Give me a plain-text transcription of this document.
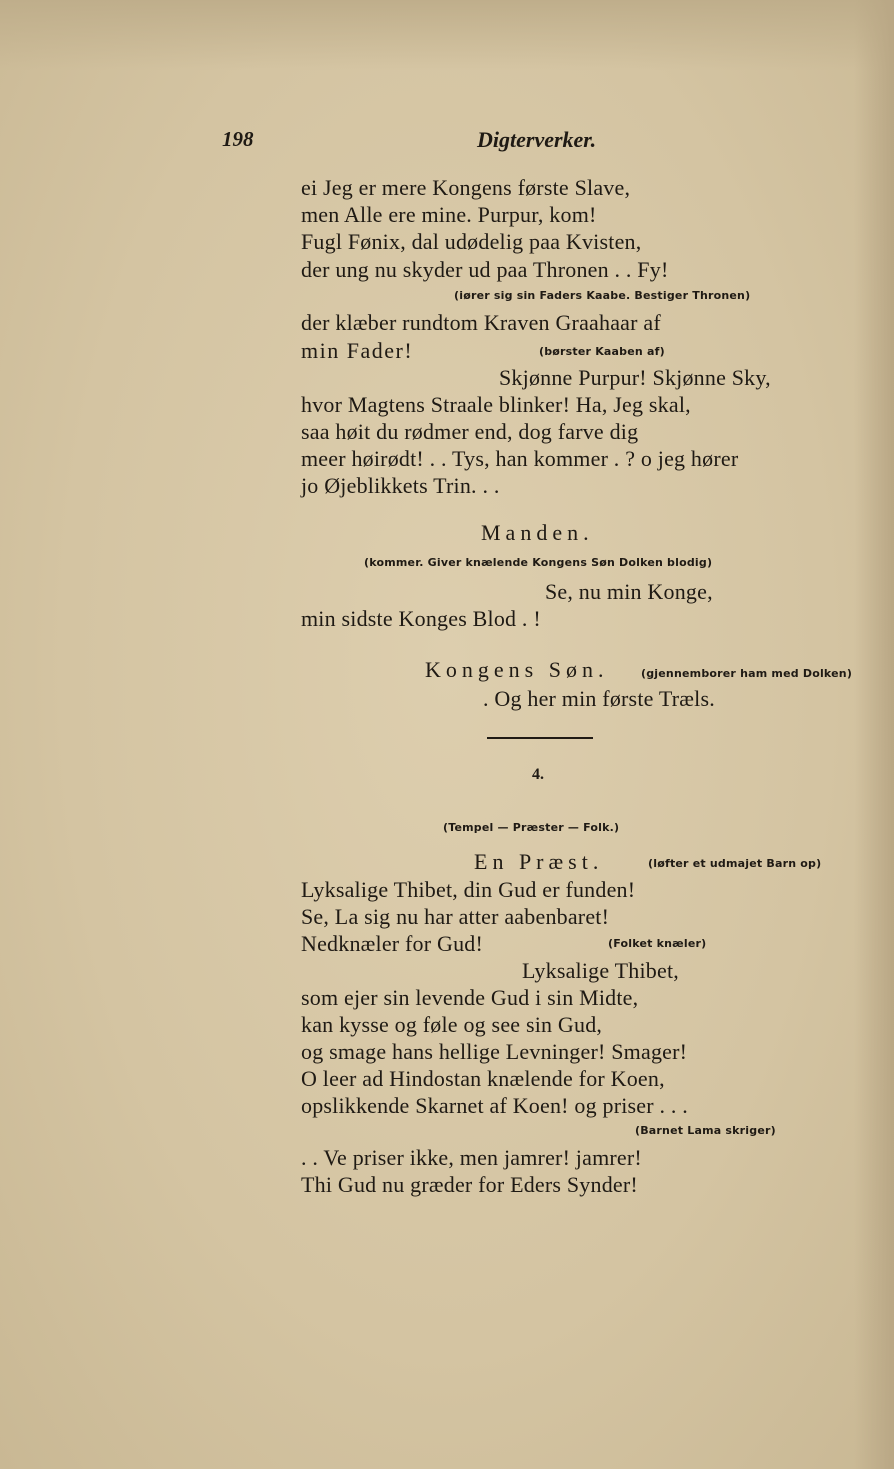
198	Digterverker.
ei Jeg er mere Kongens første Slave,
men Alle ere mine. Purpur, kom!
Fugl Fønix, dal udødelig paa Kvisten,
der ung nu skyder ud paa Thronen . . Fy!
(iører sig sin Faders Kaabe. Bestiger Thronen)
der klæber rundtom Kraven Graahaar af
min Fader!	(børster Kaaben af)
Skjønne Purpur! Skjønne Sky,
hvor Magtens Straale blinker! Ha, Jeg skal,
saa høit du rødmer end, dog farve dig
meer høirødt! . . Tys, han kommer . ? o jeg hører
jo Øjeblikkets Trin. . .
Manden.
(kommer. Giver knælende Kongens Søn Dolken blodig)
Se, nu min Konge,
min sidste Konges Blod . !
Kongens Søn.	(gjennemborer ham med Dolken)
. Og her min første Træls.
4.
(Tempel — Præster — Folk.)
En Præst.	(løfter et udmajet Barn op)
Lyksalige Thibet, din Gud er funden!
Se, La sig nu har atter aabenbaret!
Nedknæler for Gud!	(Folket knæler)
Lyksalige Thibet,
som ejer sin levende Gud i sin Midte,
kan kysse og føle og see sin Gud,
og smage hans hellige Levninger! Smager!
O leer ad Hindostan knælende for Koen,
opslikkende Skarnet af Koen! og priser . . .
(Barnet Lama skriger)
. . Ve priser ikke, men jamrer! jamrer!
Thi Gud nu græder for Eders Synder!
